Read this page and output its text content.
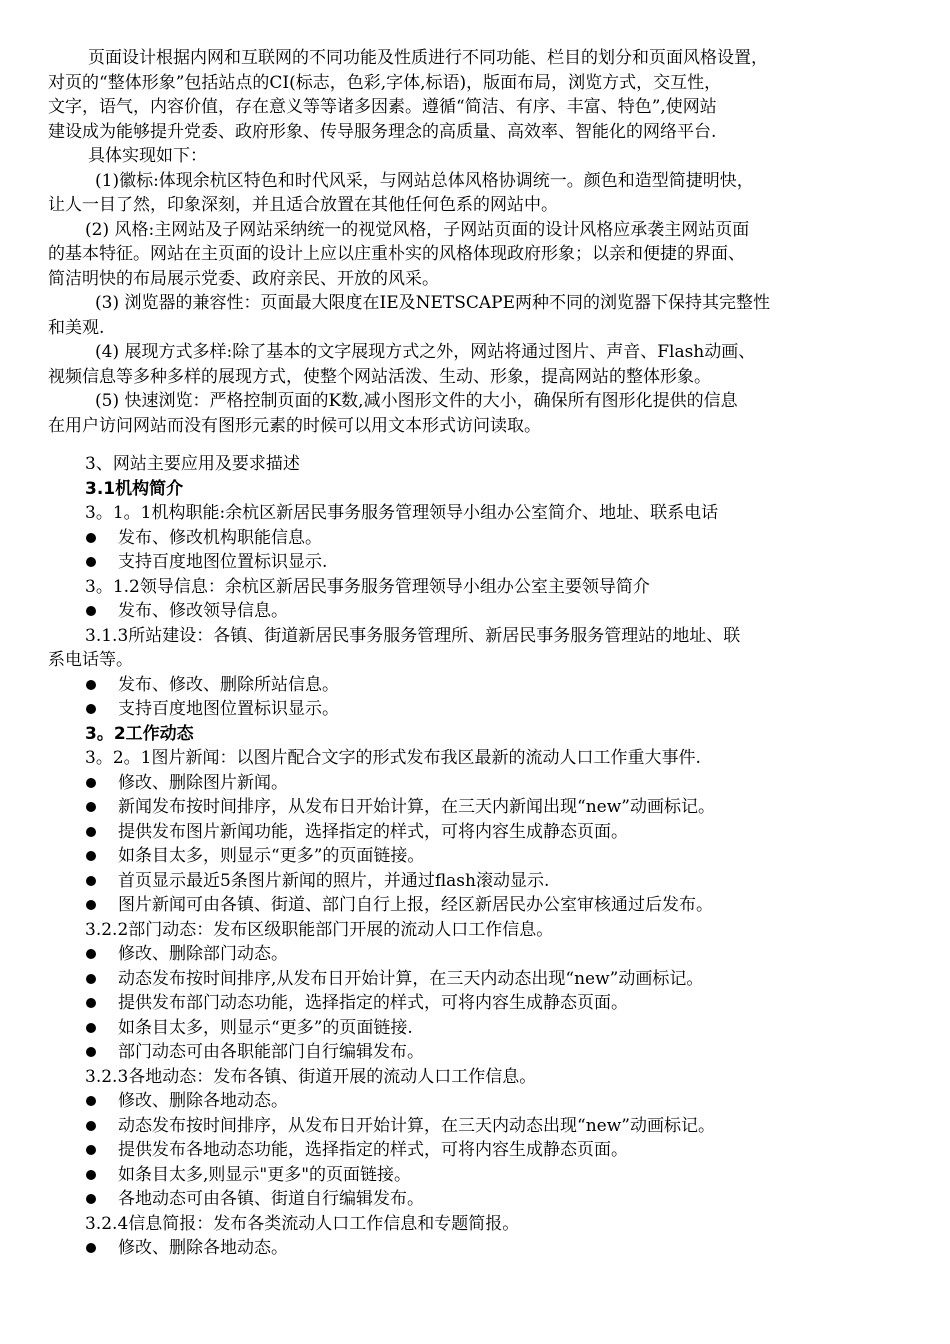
页面设计根据内网和互联网的不同功能及性质进行不同功能、栏目的划分和页面风格设置，
对页的“整体形象”包括站点的CI(标志，色彩,字体,标语)，版面布局，浏览方式，交互性，
文字，语气，内容价值，存在意义等等诸多因素。遵循“简洁、有序、丰富、特色”,使网站
建设成为能够提升党委、政府形象、传导服务理念的高质量、高效率、智能化的网络平台.
具体实现如下：
(1)徽标:体现余杭区特色和时代风采，与网站总体风格协调统一。颜色和造型简捷明快，
让人一目了然，印象深刻，并且适合放置在其他任何色系的网站中。
(2) 风格:主网站及子网站采纳统一的视觉风格，子网站页面的设计风格应承袭主网站页面
的基本特征。网站在主页面的设计上应以庄重朴实的风格体现政府形象；以亲和便捷的界面、
简洁明快的布局展示党委、政府亲民、开放的风采。
(3) 浏览器的兼容性：页面最大限度在IE及NETSCAPE两种不同的浏览器下保持其完整性
和美观.
(4) 展现方式多样:除了基本的文字展现方式之外，网站将通过图片、声音、Flash动画、
视频信息等多种多样的展现方式，使整个网站活泼、生动、形象，提高网站的整体形象。
(5) 快速浏览：严格控制页面的K数,减小图形文件的大小，确保所有图形化提供的信息
在用户访问网站而没有图形元素的时候可以用文本形式访问读取。
3、网站主要应用及要求描述
3.1机构简介
3。1。1机构职能:余杭区新居民事务服务管理领导小组办公室简介、地址、联系电话
发布、修改机构职能信息。
支持百度地图位置标识显示.
3。1.2领导信息：余杭区新居民事务服务管理领导小组办公室主要领导简介
发布、修改领导信息。
3.1.3所站建设：各镇、街道新居民事务服务管理所、新居民事务服务管理站的地址、联
系电话等。
发布、修改、删除所站信息。
支持百度地图位置标识显示。
3。2工作动态
3。2。1图片新闻：以图片配合文字的形式发布我区最新的流动人口工作重大事件.
修改、删除图片新闻。
新闻发布按时间排序，从发布日开始计算，在三天内新闻出现“new”动画标记。
提供发布图片新闻功能，选择指定的样式，可将内容生成静态页面。
如条目太多，则显示“更多”的页面链接。
首页显示最近5条图片新闻的照片，并通过flash滚动显示.
图片新闻可由各镇、街道、部门自行上报，经区新居民办公室审核通过后发布。
3.2.2部门动态：发布区级职能部门开展的流动人口工作信息。
修改、删除部门动态。
动态发布按时间排序,从发布日开始计算，在三天内动态出现“new”动画标记。
提供发布部门动态功能，选择指定的样式，可将内容生成静态页面。
如条目太多，则显示“更多”的页面链接.
部门动态可由各职能部门自行编辑发布。
3.2.3各地动态：发布各镇、街道开展的流动人口工作信息。
修改、删除各地动态。
动态发布按时间排序，从发布日开始计算，在三天内动态出现“new”动画标记。
提供发布各地动态功能，选择指定的样式，可将内容生成静态页面。
如条目太多,则显示"更多"的页面链接。
各地动态可由各镇、街道自行编辑发布。
3.2.4信息简报：发布各类流动人口工作信息和专题简报。
修改、删除各地动态。
